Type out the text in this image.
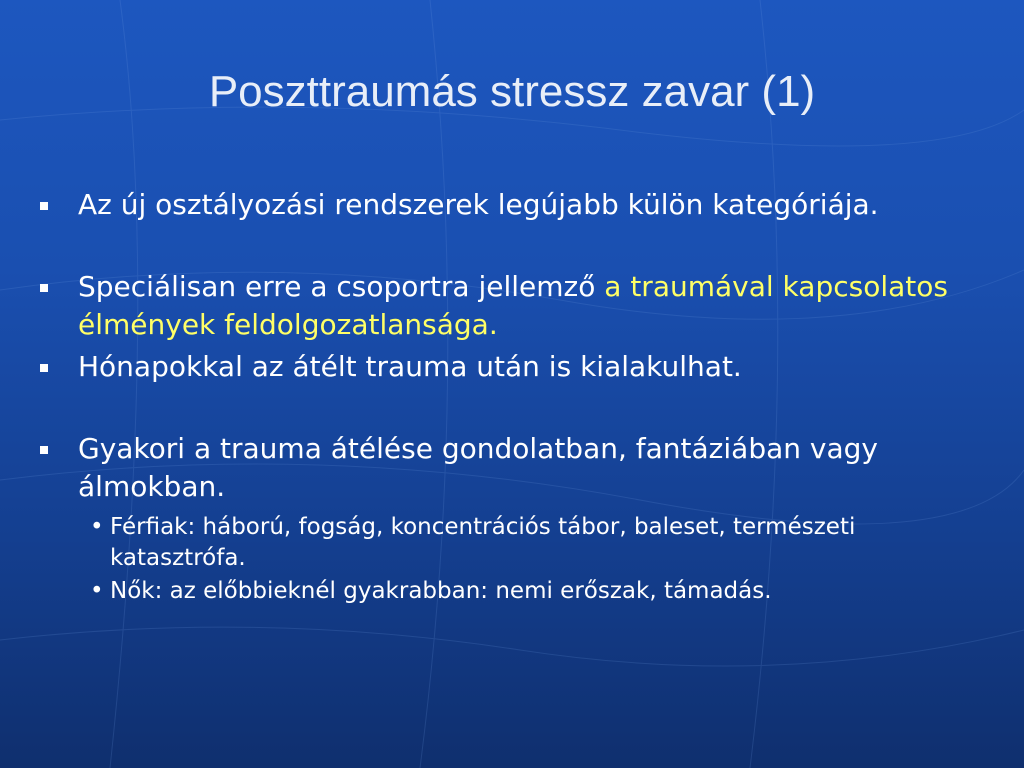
Poszttraumás stressz zavar (1)
Az új osztályozási rendszerek legújabb külön kategóriája.
Speciálisan erre a csoportra jellemző a traumával kapcsolatos élmények feldolgozatlansága.
Hónapokkal az átélt trauma után is kialakulhat.
Gyakori a trauma átélése gondolatban, fantáziában vagy álmokban.
• Férfiak: háború, fogság, koncentrációs tábor, baleset, természeti katasztrófa.
• Nők: az előbbieknél gyakrabban: nemi erőszak, támadás.
